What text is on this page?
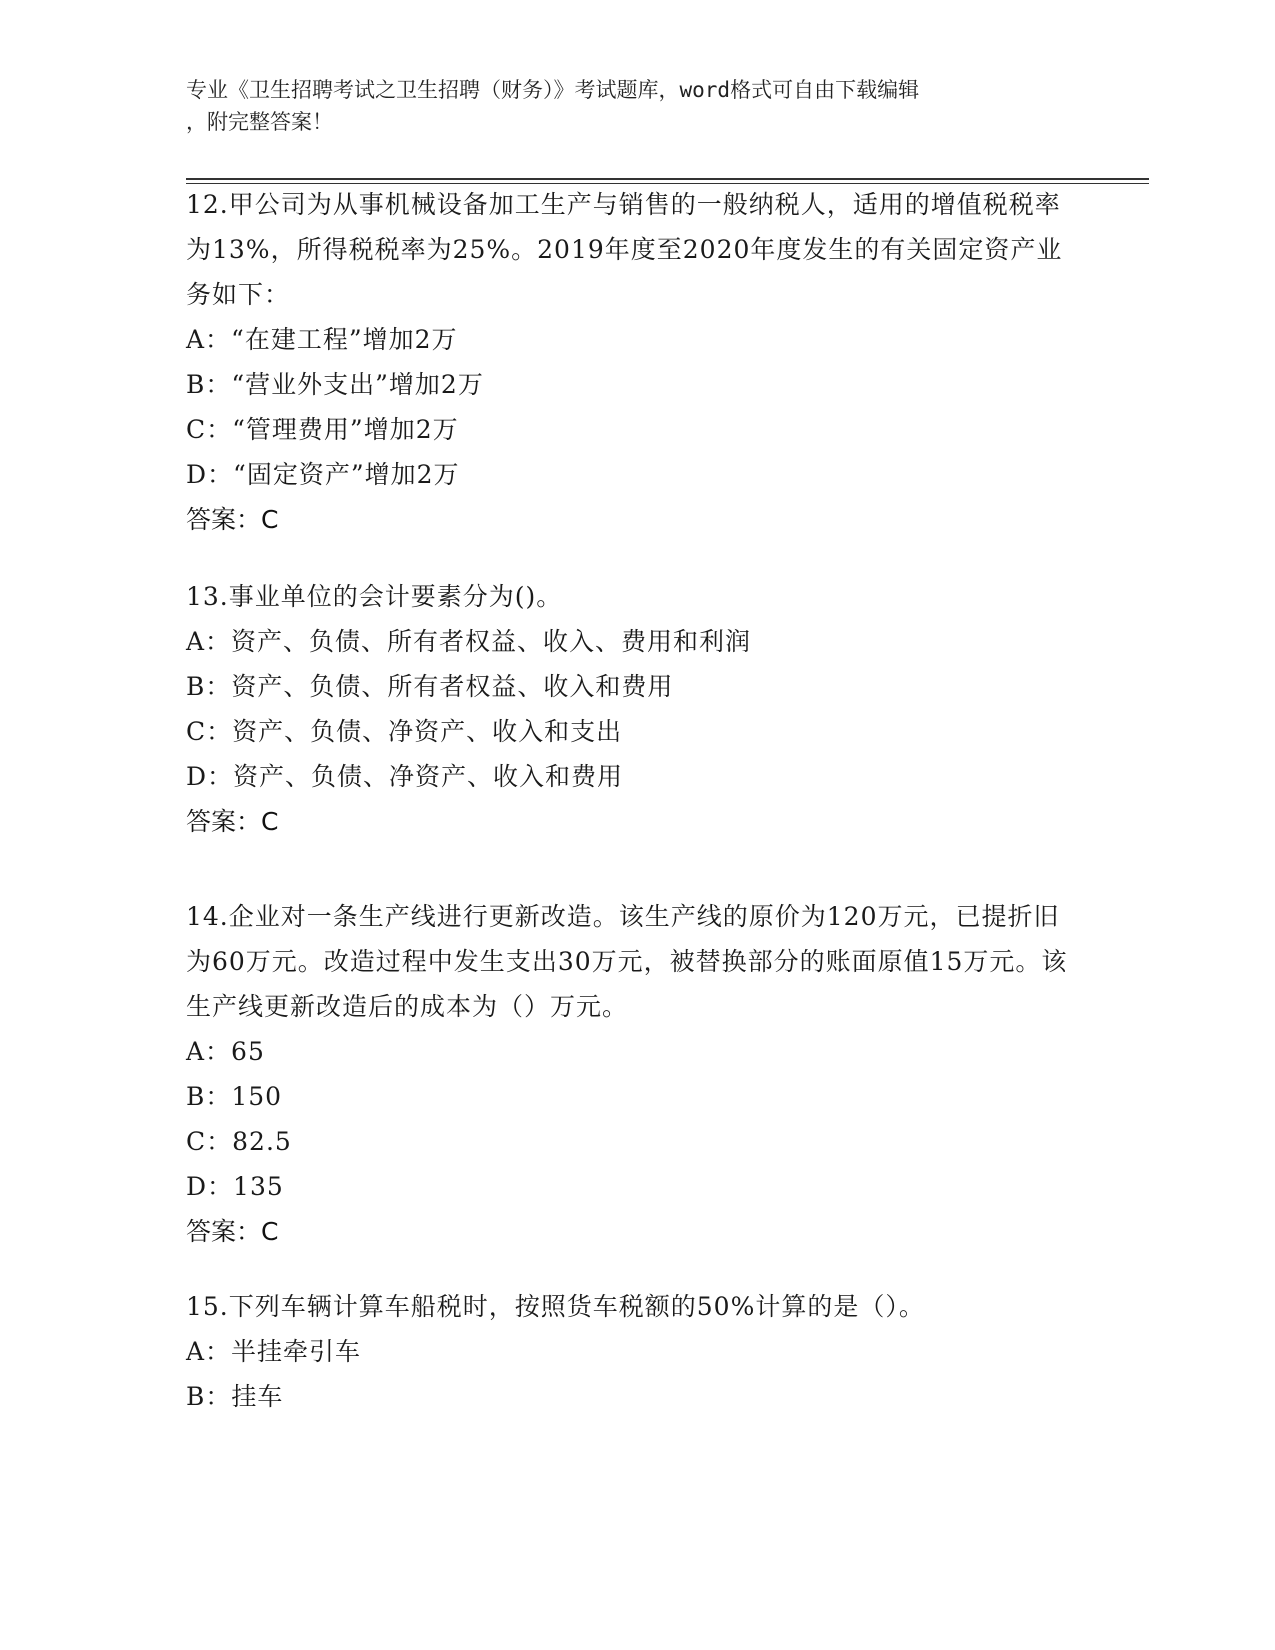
专业《卫生招聘考试之卫生招聘（财务）》考试题库，word格式可自由下载编辑
，附完整答案！

12.甲公司为从事机械设备加工生产与销售的一般纳税人，适用的增值税税率为13%，所得税税率为25%。2019年度至2020年度发生的有关固定资产业务如下：

A：“在建工程”增加2万

B：“营业外支出”增加2万

C：“管理费用”增加2万

D：“固定资产”增加2万

答案：C

13.事业单位的会计要素分为()。

A：资产、负债、所有者权益、收入、费用和利润

B：资产、负债、所有者权益、收入和费用

C：资产、负债、净资产、收入和支出

D：资产、负债、净资产、收入和费用

答案：C

14.企业对一条生产线进行更新改造。该生产线的原价为120万元，已提折旧为60万元。改造过程中发生支出30万元，被替换部分的账面原值15万元。该生产线更新改造后的成本为（）万元。

A：65

B：150

C：82.5

D：135

答案：C

15.下列车辆计算车船税时，按照货车税额的50%计算的是（）。

A：半挂牵引车

B：挂车
